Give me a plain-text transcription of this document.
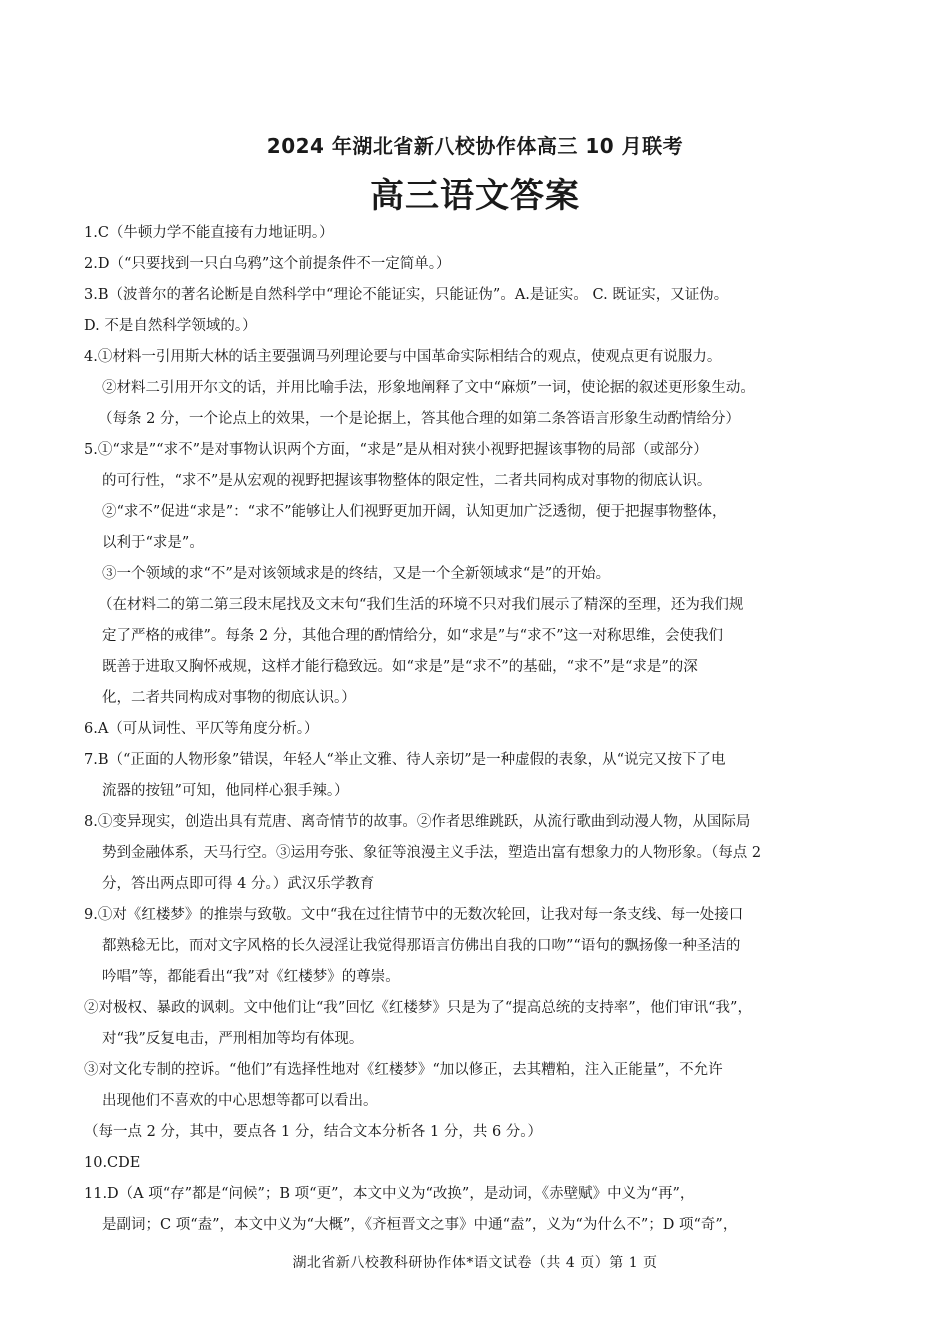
2024 年湖北省新八校协作体高三 10 月联考
高三语文答案
1.C（牛顿力学不能直接有力地证明。）
2.D（“只要找到一只白乌鸦”这个前提条件不一定简单。）
3.B（波普尔的著名论断是自然科学中“理论不能证实，只能证伪”。A.是证实。 C. 既证实，又证伪。
D. 不是自然科学领域的。）
4.①材料一引用斯大林的话主要强调马列理论要与中国革命实际相结合的观点，使观点更有说服力。
②材料二引用开尔文的话，并用比喻手法，形象地阐释了文中“麻烦”一词，使论据的叙述更形象生动。
（每条 2 分，一个论点上的效果，一个是论据上，答其他合理的如第二条答语言形象生动酌情给分）
5.①“求是”“求不”是对事物认识两个方面，“求是”是从相对狭小视野把握该事物的局部（或部分）
的可行性，“求不”是从宏观的视野把握该事物整体的限定性，二者共同构成对事物的彻底认识。
②“求不”促进“求是”：“求不”能够让人们视野更加开阔，认知更加广泛透彻，便于把握事物整体，
以利于“求是”。
③一个领域的求“不”是对该领域求是的终结，又是一个全新领域求“是”的开始。
（在材料二的第二第三段末尾找及文末句“我们生活的环境不只对我们展示了精深的至理，还为我们规
定了严格的戒律”。每条 2 分，其他合理的酌情给分，如“求是”与“求不”这一对称思维，会使我们
既善于进取又胸怀戒规，这样才能行稳致远。如“求是”是“求不”的基础，“求不”是“求是”的深
化，二者共同构成对事物的彻底认识。）
6.A（可从词性、平仄等角度分析。）
7.B（“正面的人物形象”错误，年轻人“举止文雅、待人亲切”是一种虚假的表象，从“说完又按下了电
流器的按钮”可知，他同样心狠手辣。）
8.①变异现实，创造出具有荒唐、离奇情节的故事。②作者思维跳跃，从流行歌曲到动漫人物，从国际局
势到金融体系，天马行空。③运用夸张、象征等浪漫主义手法，塑造出富有想象力的人物形象。（每点 2
分，答出两点即可得 4 分。）武汉乐学教育
9.①对《红楼梦》的推崇与致敬。文中“我在过往情节中的无数次轮回，让我对每一条支线、每一处接口
都熟稔无比，而对文字风格的长久浸淫让我觉得那语言仿佛出自我的口吻”“语句的飘扬像一种圣洁的
吟唱”等，都能看出“我”对《红楼梦》的尊崇。
②对极权、暴政的讽刺。文中他们让“我”回忆《红楼梦》只是为了“提高总统的支持率”，他们审讯“我”，
对“我”反复电击，严刑相加等均有体现。
③对文化专制的控诉。“他们”有选择性地对《红楼梦》“加以修正，去其糟粕，注入正能量”，不允许
出现他们不喜欢的中心思想等都可以看出。
（每一点 2 分，其中，要点各 1 分，结合文本分析各 1 分，共 6 分。）
10.CDE
11.D（A 项“存”都是“问候”；B 项“更”，本文中义为“改换”，是动词，《赤壁赋》中义为“再”，
是副词；C 项“盍”，本文中义为“大概”，《齐桓晋文之事》中通“盍”，义为“为什么不”；D 项“奇”，
湖北省新八校教科研协作体*语文试卷（共 4 页）第 1 页
